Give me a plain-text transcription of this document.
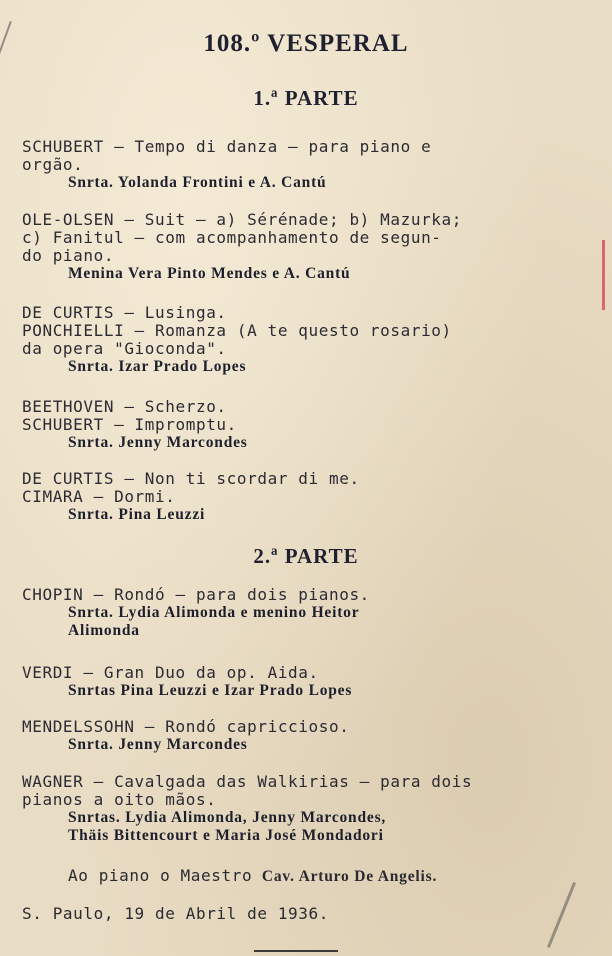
108.º VESPERAL
1.ª PARTE
SCHUBERT — Tempo di danza — para piano e
orgão.
Snrta. Yolanda Frontini e A. Cantú
OLE-OLSEN — Suit — a) Sérénade; b) Mazurka;
c) Fanitul — com acompanhamento de segun-
do piano.
Menina Vera Pinto Mendes e A. Cantú
DE CURTIS — Lusinga.
PONCHIELLI — Romanza (A te questo rosario)
da opera "Gioconda".
Snrta. Izar Prado Lopes
BEETHOVEN — Scherzo.
SCHUBERT — Impromptu.
Snrta. Jenny Marcondes
DE CURTIS — Non ti scordar di me.
CIMARA — Dormi.
Snrta. Pina Leuzzi
2.ª PARTE
CHOPIN — Rondó — para dois pianos.
Snrta. Lydia Alimonda e menino Heitor
Alimonda
VERDI — Gran Duo da op. Aida.
Snrtas Pina Leuzzi e Izar Prado Lopes
MENDELSSOHN — Rondó capriccioso.
Snrta. Jenny Marcondes
WAGNER — Cavalgada das Walkirias — para dois
pianos a oito mãos.
Snrtas. Lydia Alimonda, Jenny Marcondes,
Thäis Bittencourt e Maria José Mondadori
Ao piano o Maestro Cav. Arturo De Angelis.
S. Paulo, 19 de Abril de 1936.
